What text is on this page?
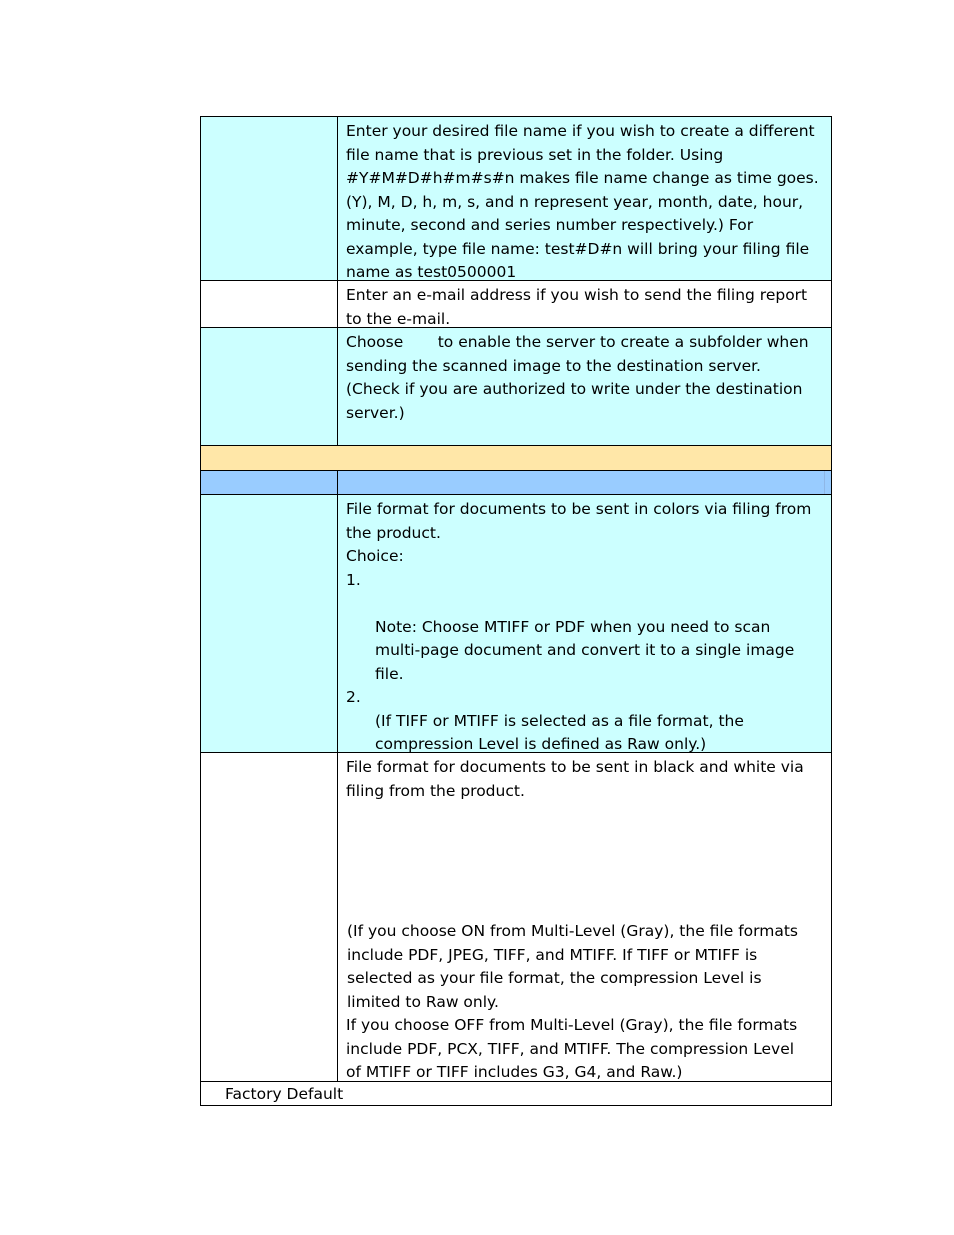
Enter your desired file name if you wish to create a different

file name that is previous set in the folder. Using

#Y#M#D#h#m#s#n makes file name change as time goes.

(Y), M, D, h, m, s, and n represent year, month, date, hour,

minute, second and series number respectively.) For

example, type file name: test#D#n will bring your filing file

name as test0500001

Enter an e-mail address if you wish to send the filing report

to the e-mail.

Choose       to enable the server to create a subfolder when

sending the scanned image to the destination server.

(Check if you are authorized to write under the destination

server.)

File format for documents to be sent in colors via filing from

the product.

Choice:

1.

Note: Choose MTIFF or PDF when you need to scan

multi-page document and convert it to a single image

file.

2.

(If TIFF or MTIFF is selected as a file format, the

compression Level is defined as Raw only.)

File format for documents to be sent in black and white via

filing from the product.

(If you choose ON from Multi-Level (Gray), the file formats

include PDF, JPEG, TIFF, and MTIFF. If TIFF or MTIFF is

selected as your file format, the compression Level is

limited to Raw only.

If you choose OFF from Multi-Level (Gray), the file formats

include PDF, PCX, TIFF, and MTIFF. The compression Level

of MTIFF or TIFF includes G3, G4, and Raw.)

Factory Default
